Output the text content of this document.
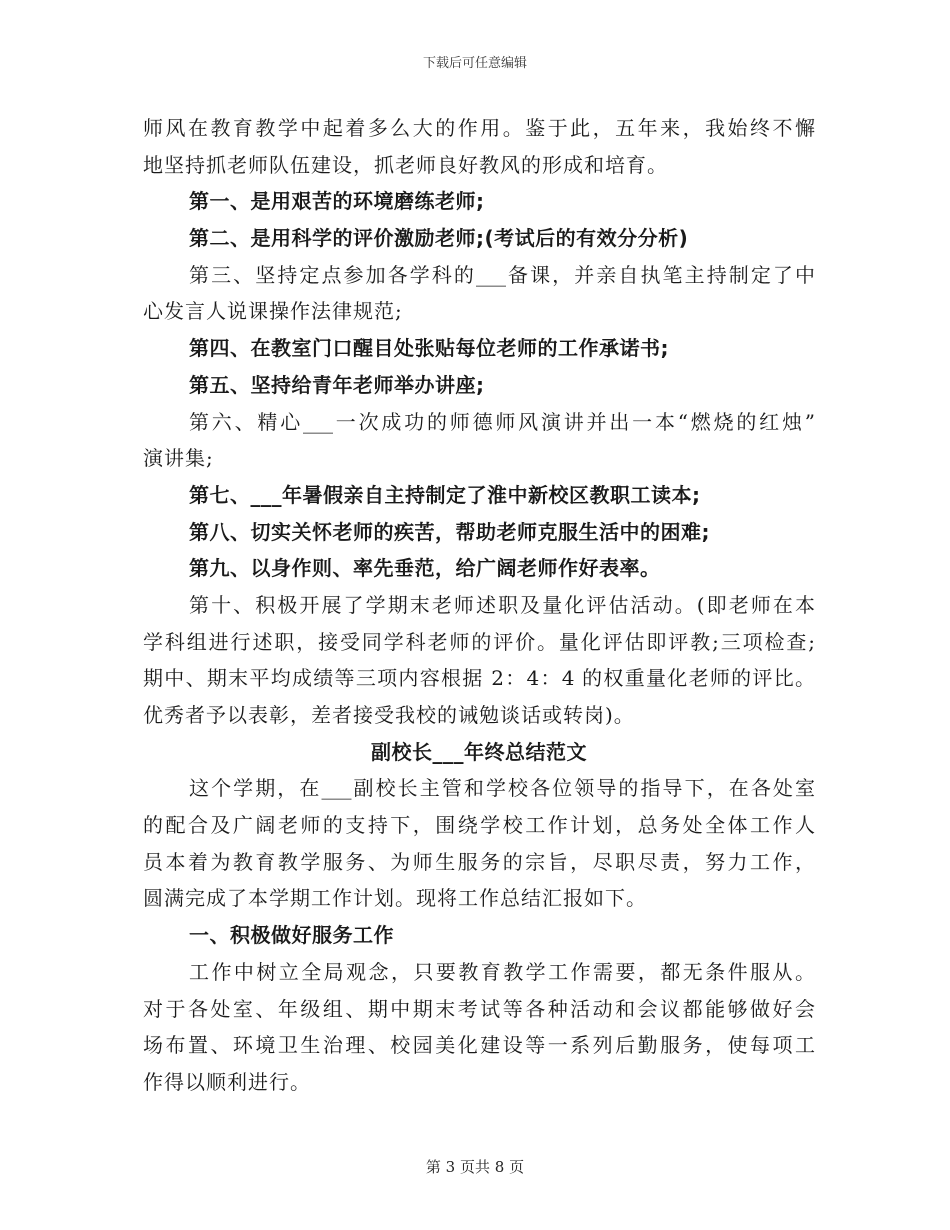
下载后可任意编辑
师风在教育教学中起着多么大的作用。鉴于此，五年来，我始终不懈
地坚持抓老师队伍建设，抓老师良好教风的形成和培育。
第一、是用艰苦的环境磨练老师;
第二、是用科学的评价激励老师;(考试后的有效分分析)
第三、坚持定点参加各学科的___备课，并亲自执笔主持制定了中
心发言人说课操作法律规范;
第四、在教室门口醒目处张贴每位老师的工作承诺书;
第五、坚持给青年老师举办讲座;
第六、精心___一次成功的师德师风演讲并出一本“燃烧的红烛”
演讲集;
第七、___年暑假亲自主持制定了淮中新校区教职工读本;
第八、切实关怀老师的疾苦，帮助老师克服生活中的困难;
第九、以身作则、率先垂范，给广阔老师作好表率。
第十、积极开展了学期末老师述职及量化评估活动。(即老师在本
学科组进行述职，接受同学科老师的评价。量化评估即评教;三项检查;
期中、期末平均成绩等三项内容根据 2：4：4 的权重量化老师的评比。
优秀者予以表彰，差者接受我校的诫勉谈话或转岗)。
副校长___年终总结范文
这个学期，在___副校长主管和学校各位领导的指导下，在各处室
的配合及广阔老师的支持下，围绕学校工作计划，总务处全体工作人
员本着为教育教学服务、为师生服务的宗旨，尽职尽责，努力工作，
圆满完成了本学期工作计划。现将工作总结汇报如下。
一、积极做好服务工作
工作中树立全局观念，只要教育教学工作需要，都无条件服从。
对于各处室、年级组、期中期末考试等各种活动和会议都能够做好会
场布置、环境卫生治理、校园美化建设等一系列后勤服务，使每项工
作得以顺利进行。
第 3 页共 8 页
